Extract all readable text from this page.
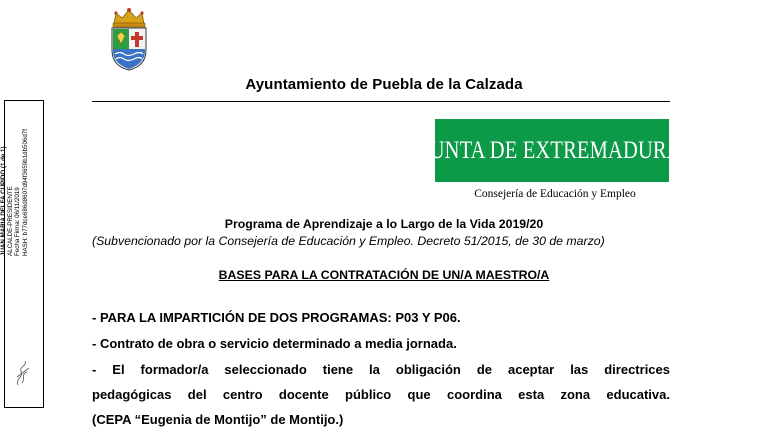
Ayuntamiento de Puebla de la Calzada
JUAN MARIA DELFA CUPIDO (1 de 1) ALCALDE-PRESIDENTE Fecha Firma: 06/11/2019 HASH: b77dce686d8607d94f3659b1db506d7f	JUNTA DE EXTREMADURA
Consejería de Educación y Empleo
Programa de Aprendizaje a lo Largo de la Vida 2019/20
(Subvencionado por la Consejería de Educación y Empleo. Decreto 51/2015, de 30 de marzo)
BASES PARA LA CONTRATACIÓN DE UN/A MAESTRO/A
- PARA LA IMPARTICIÓN DE DOS PROGRAMAS: P03 Y P06.
- Contrato de obra o servicio determinado a media jornada.
- El formador/a seleccionado tiene la obligación de aceptar las directrices
pedagógicas del centro docente público que coordina esta zona educativa.
(CEPA “Eugenia de Montijo” de Montijo.)
